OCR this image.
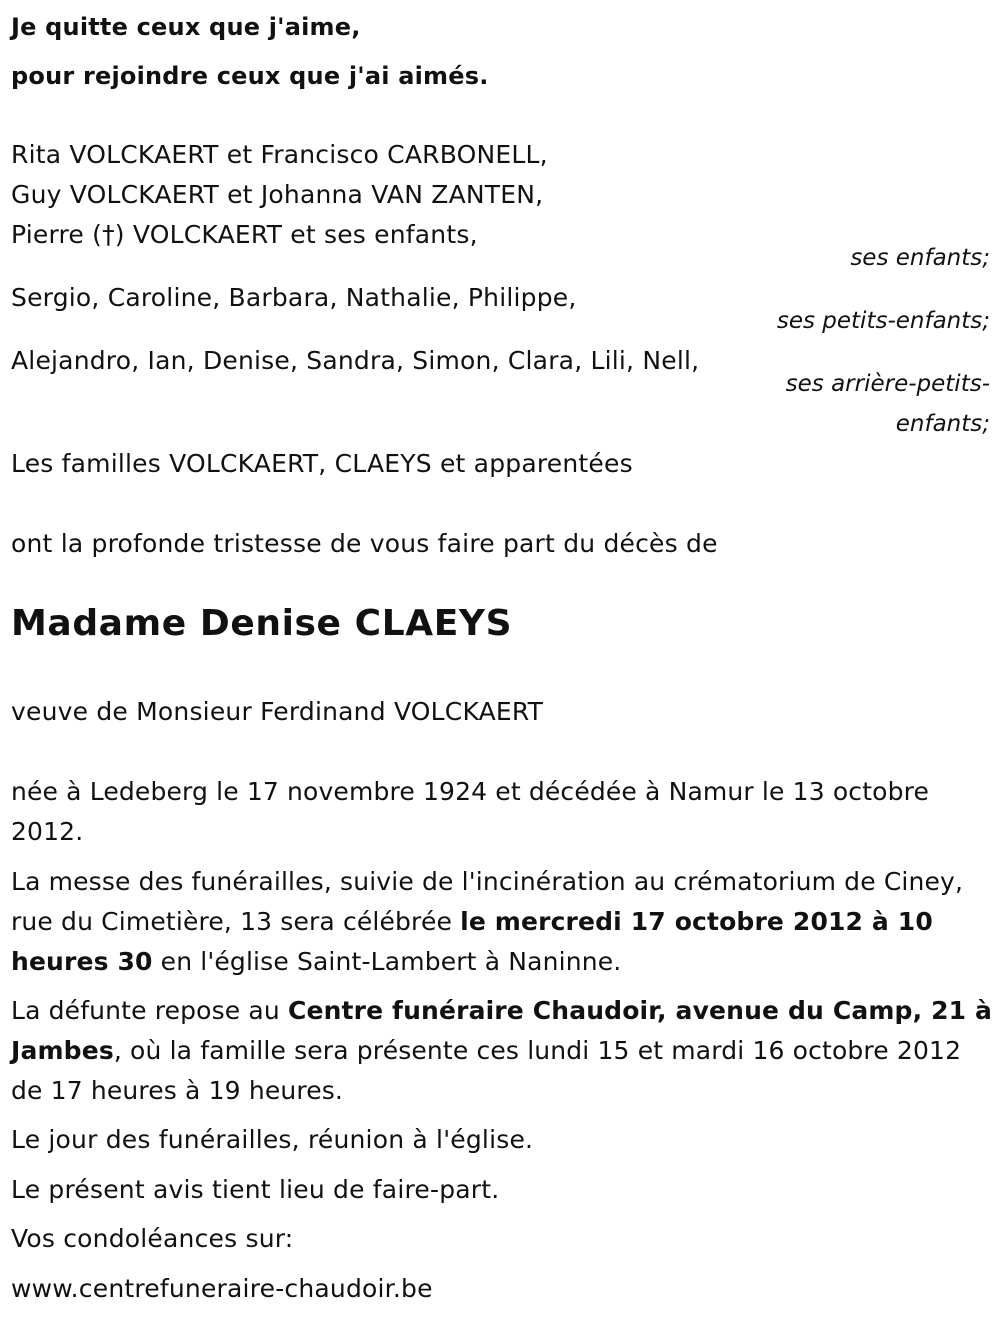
Je quitte ceux que j'aime,
pour rejoindre ceux que j'ai aimés.
Rita VOLCKAERT et Francisco CARBONELL,
Guy VOLCKAERT et Johanna VAN ZANTEN,
Pierre (†) VOLCKAERT et ses enfants,
ses enfants;
Sergio, Caroline, Barbara, Nathalie, Philippe,
ses petits-enfants;
Alejandro, Ian, Denise, Sandra, Simon, Clara, Lili, Nell,
ses arrière-petits-
enfants;
Les familles VOLCKAERT, CLAEYS et apparentées
ont la profonde tristesse de vous faire part du décès de
Madame Denise CLAEYS
veuve de Monsieur Ferdinand VOLCKAERT
née à Ledeberg le 17 novembre 1924 et décédée à Namur le 13 octobre 2012.
La messe des funérailles, suivie de l'incinération au crématorium de Ciney, rue du Cimetière, 13 sera célébrée le mercredi 17 octobre 2012 à 10 heures 30 en l'église Saint-Lambert à Naninne.
La défunte repose au Centre funéraire Chaudoir, avenue du Camp, 21 à Jambes, où la famille sera présente ces lundi 15 et mardi 16 octobre 2012 de 17 heures à 19 heures.
Le jour des funérailles, réunion à l'église.
Le présent avis tient lieu de faire-part.
Vos condoléances sur:
www.centrefuneraire-chaudoir.be
